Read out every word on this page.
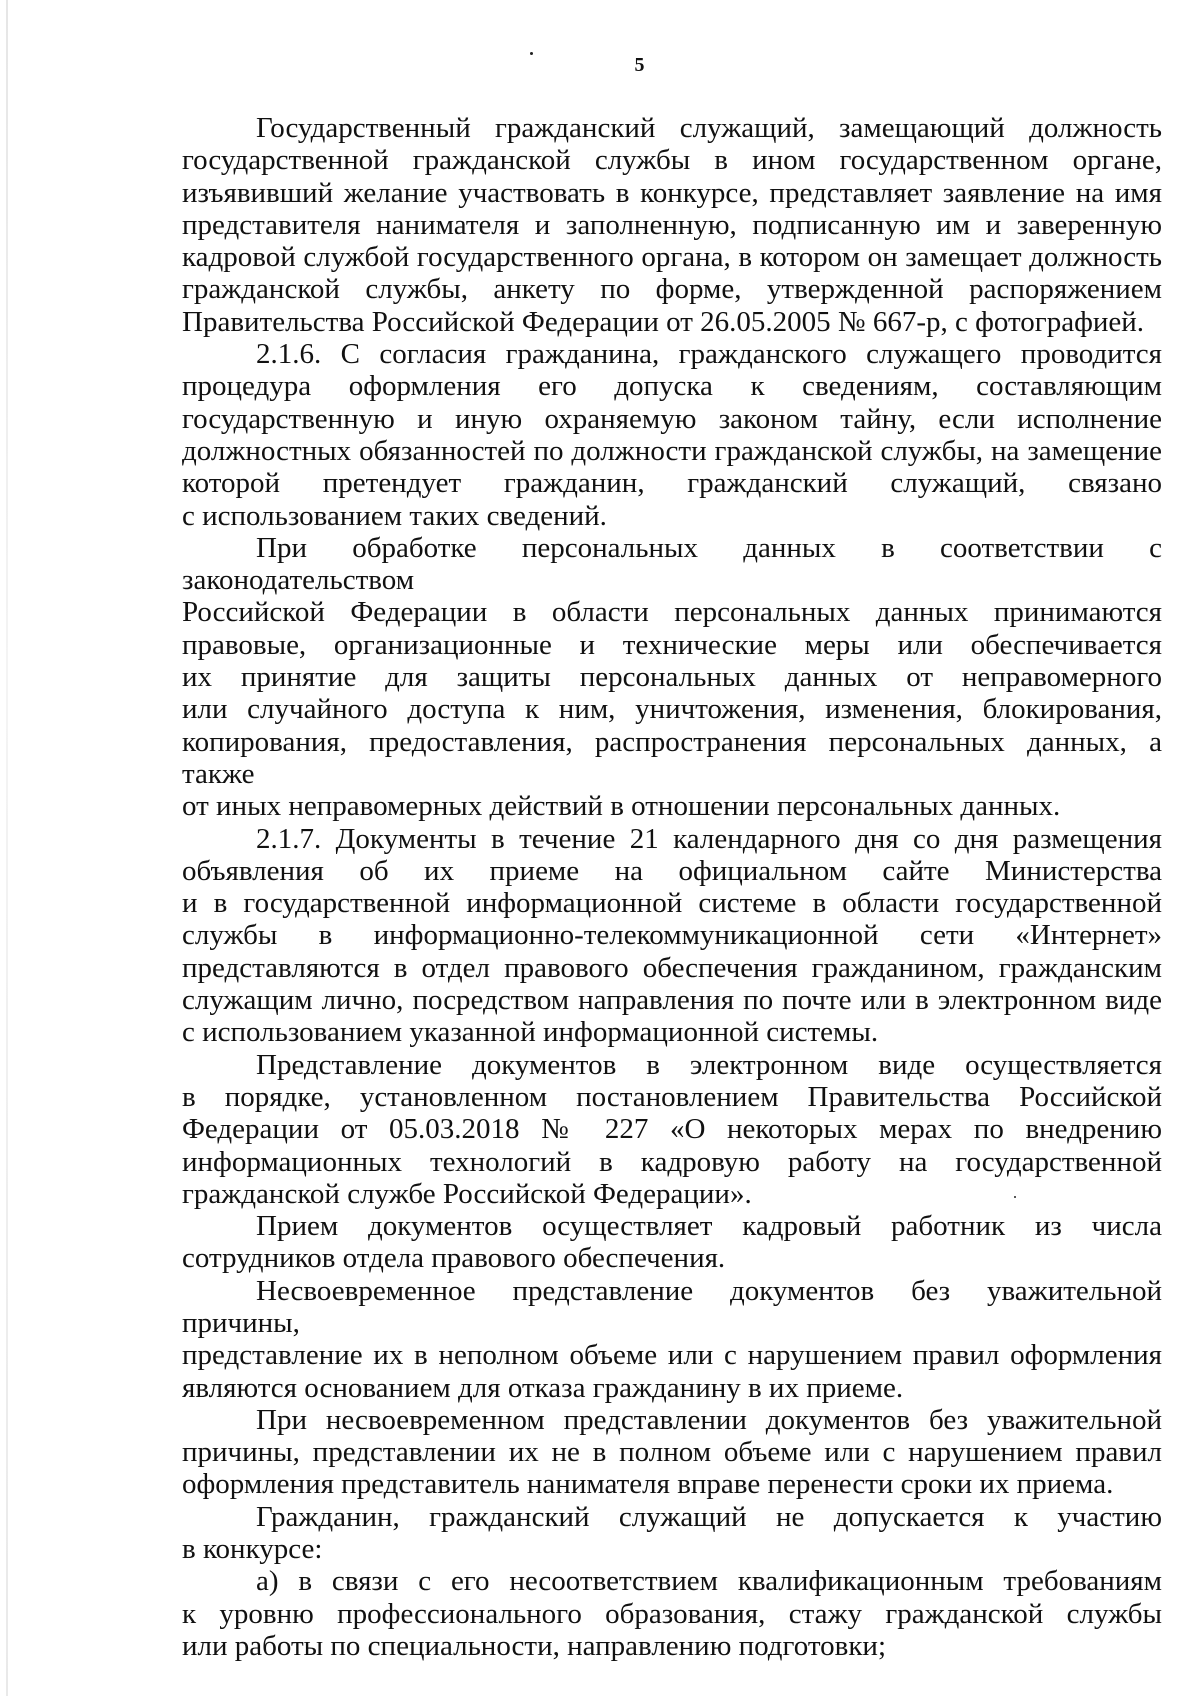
5
Государственный гражданский служащий, замещающий должность
государственной гражданской службы в ином государственном органе,
изъявивший желание участвовать в конкурсе, представляет заявление на имя
представителя нанимателя и заполненную, подписанную им и заверенную
кадровой службой государственного органа, в котором он замещает должность
гражданской службы, анкету по форме, утвержденной распоряжением
Правительства Российской Федерации от 26.05.2005 № 667-р, с фотографией.
2.1.6. С согласия гражданина, гражданского служащего проводится
процедура оформления его допуска к сведениям, составляющим
государственную и иную охраняемую законом тайну, если исполнение
должностных обязанностей по должности гражданской службы, на замещение
которой претендует гражданин, гражданский служащий, связано
с использованием таких сведений.
При обработке персональных данных в соответствии с законодательством
Российской Федерации в области персональных данных принимаются
правовые, организационные и технические меры или обеспечивается
их принятие для защиты персональных данных от неправомерного
или случайного доступа к ним, уничтожения, изменения, блокирования,
копирования, предоставления, распространения персональных данных, а также
от иных неправомерных действий в отношении персональных данных.
2.1.7. Документы в течение 21 календарного дня со дня размещения
объявления об их приеме на официальном сайте Министерства
и в государственной информационной системе в области государственной
службы в информационно-телекоммуникационной сети «Интернет»
представляются в отдел правового обеспечения гражданином, гражданским
служащим лично, посредством направления по почте или в электронном виде
с использованием указанной информационной системы.
Представление документов в электронном виде осуществляется
в порядке, установленном постановлением Правительства Российской
Федерации от 05.03.2018 № 227 «О некоторых мерах по внедрению
информационных технологий в кадровую работу на государственной
гражданской службе Российской Федерации».
Прием документов осуществляет кадровый работник из числа
сотрудников отдела правового обеспечения.
Несвоевременное представление документов без уважительной причины,
представление их в неполном объеме или с нарушением правил оформления
являются основанием для отказа гражданину в их приеме.
При несвоевременном представлении документов без уважительной
причины, представлении их не в полном объеме или с нарушением правил
оформления представитель нанимателя вправе перенести сроки их приема.
Гражданин, гражданский служащий не допускается к участию
в конкурсе:
а) в связи с его несоответствием квалификационным требованиям
к уровню профессионального образования, стажу гражданской службы
или работы по специальности, направлению подготовки;
